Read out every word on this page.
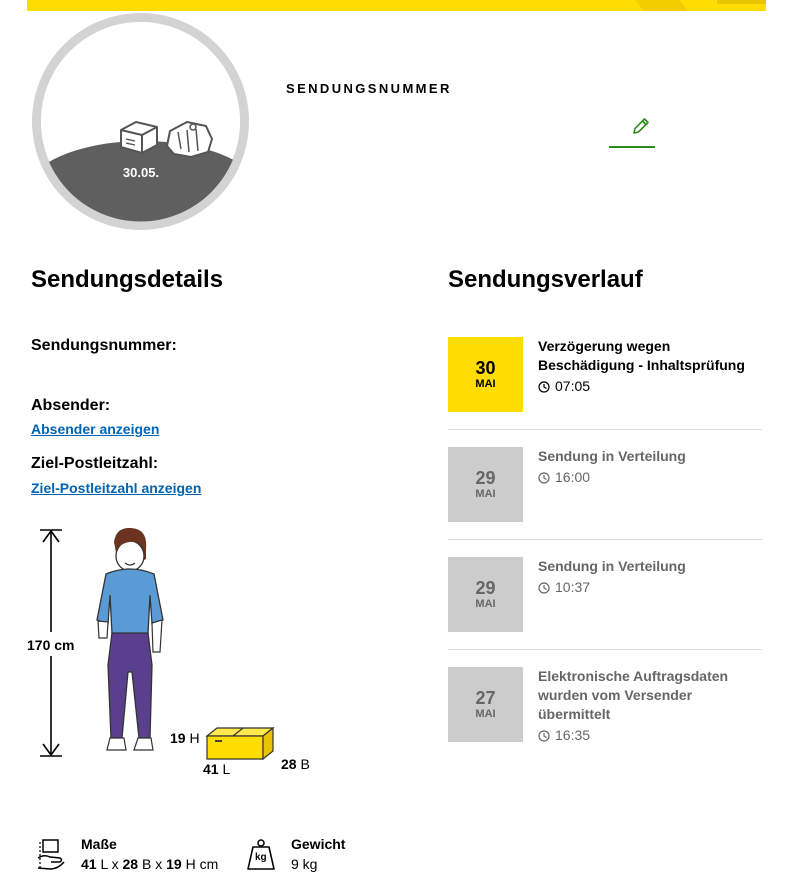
30.05.
SENDUNGSNUMMER
Sendungsdetails	Sendungsverlauf
Sendungsnummer:
Absender:
Absender anzeigen
Ziel-Postleitzahl:
Ziel-Postleitzahl anzeigen
170 cm
19 H
41 L	28 B
Maße
41 L x 28 B x 19 H cm	kg
Gewicht
9 kg
30
MAI
Verzögerung wegen Beschädigung - Inhaltsprüfung
07:05
29
MAI
Sendung in Verteilung
16:00
29
MAI
Sendung in Verteilung
10:37
27
MAI
Elektronische Auftragsdaten wurden vom Versender übermittelt
16:35
